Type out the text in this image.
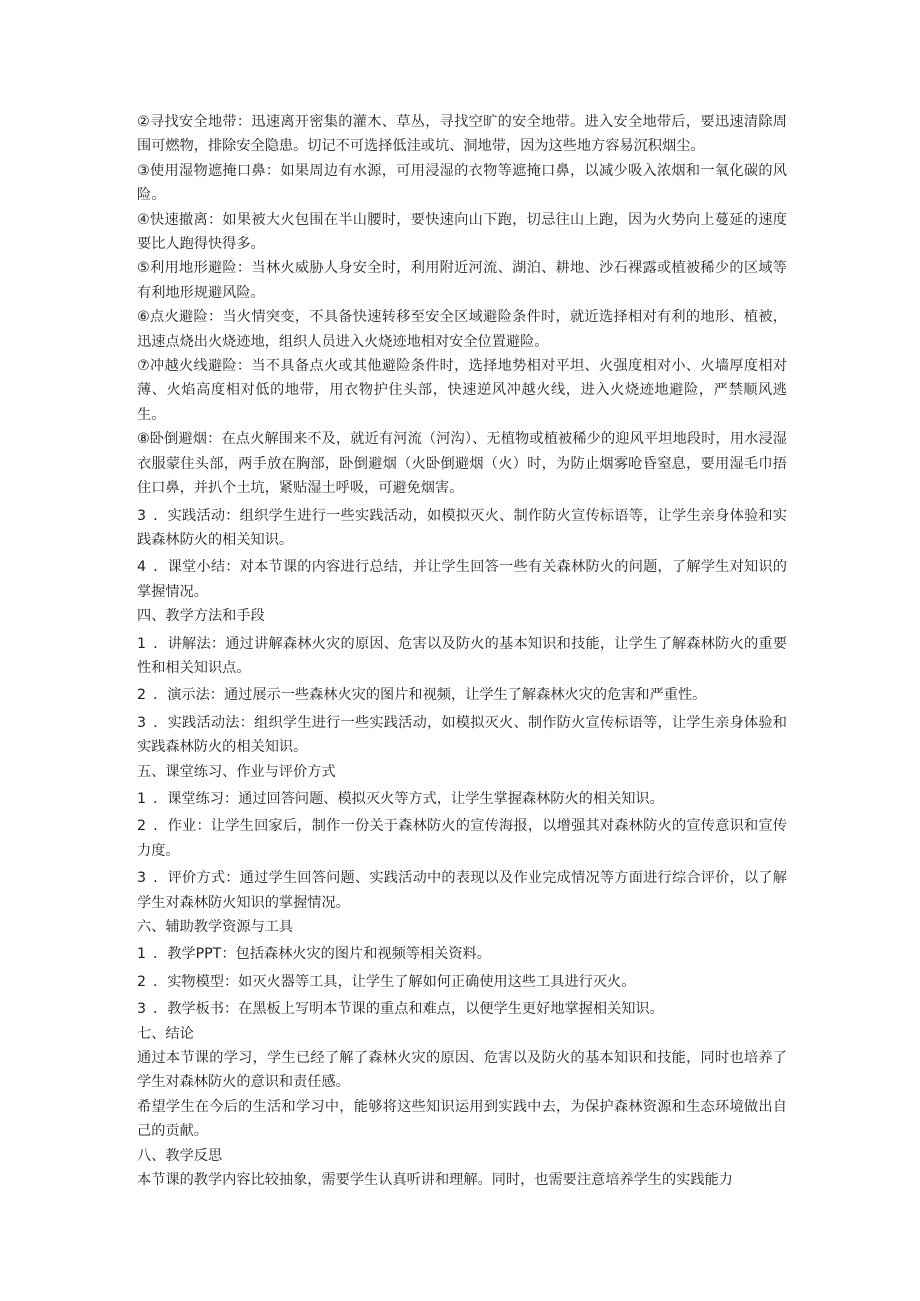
②寻找安全地带：迅速离开密集的灌木、草丛，寻找空旷的安全地带。进入安全地带后，要迅速清除周围可燃物，排除安全隐患。切记不可选择低洼或坑、洞地带，因为这些地方容易沉积烟尘。

③使用湿物遮掩口鼻：如果周边有水源，可用浸湿的衣物等遮掩口鼻，以减少吸入浓烟和一氧化碳的风险。

④快速撤离：如果被大火包围在半山腰时，要快速向山下跑，切忌往山上跑，因为火势向上蔓延的速度要比人跑得快得多。

⑤利用地形避险：当林火威胁人身安全时，利用附近河流、湖泊、耕地、沙石裸露或植被稀少的区域等有利地形规避风险。

⑥点火避险：当火情突变，不具备快速转移至安全区域避险条件时，就近选择相对有利的地形、植被，迅速点烧出火烧迹地，组织人员进入火烧迹地相对安全位置避险。

⑦冲越火线避险：当不具备点火或其他避险条件时，选择地势相对平坦、火强度相对小、火墙厚度相对薄、火焰高度相对低的地带，用衣物护住头部，快速逆风冲越火线，进入火烧迹地避险，严禁顺风逃生。

⑧卧倒避烟：在点火解围来不及，就近有河流（河沟）、无植物或植被稀少的迎风平坦地段时，用水浸湿衣服蒙住头部，两手放在胸部，卧倒避烟（火卧倒避烟（火）时，为防止烟雾呛昏窒息，要用湿毛巾捂住口鼻，并扒个土坑，紧贴湿土呼吸，可避免烟害。

3 ．实践活动：组织学生进行一些实践活动，如模拟灭火、制作防火宣传标语等，让学生亲身体验和实践森林防火的相关知识。

4 ．课堂小结：对本节课的内容进行总结，并让学生回答一些有关森林防火的问题，了解学生对知识的掌握情况。

四、教学方法和手段

1 ．讲解法：通过讲解森林火灾的原因、危害以及防火的基本知识和技能，让学生了解森林防火的重要性和相关知识点。

2 ．演示法：通过展示一些森林火灾的图片和视频，让学生了解森林火灾的危害和严重性。

3 ．实践活动法：组织学生进行一些实践活动，如模拟灭火、制作防火宣传标语等，让学生亲身体验和实践森林防火的相关知识。

五、课堂练习、作业与评价方式

1 ．课堂练习：通过回答问题、模拟灭火等方式，让学生掌握森林防火的相关知识。

2 ．作业：让学生回家后，制作一份关于森林防火的宣传海报，以增强其对森林防火的宣传意识和宣传力度。

3 ．评价方式：通过学生回答问题、实践活动中的表现以及作业完成情况等方面进行综合评价，以了解学生对森林防火知识的掌握情况。

六、辅助教学资源与工具

1 ．教学PPT：包括森林火灾的图片和视频等相关资料。

2 ．实物模型：如灭火器等工具，让学生了解如何正确使用这些工具进行灭火。

3 ．教学板书：在黑板上写明本节课的重点和难点，以便学生更好地掌握相关知识。

七、结论

通过本节课的学习，学生已经了解了森林火灾的原因、危害以及防火的基本知识和技能，同时也培养了学生对森林防火的意识和责任感。

希望学生在今后的生活和学习中，能够将这些知识运用到实践中去，为保护森林资源和生态环境做出自己的贡献。

八、教学反思

本节课的教学内容比较抽象，需要学生认真听讲和理解。同时，也需要注意培养学生的实践能力
